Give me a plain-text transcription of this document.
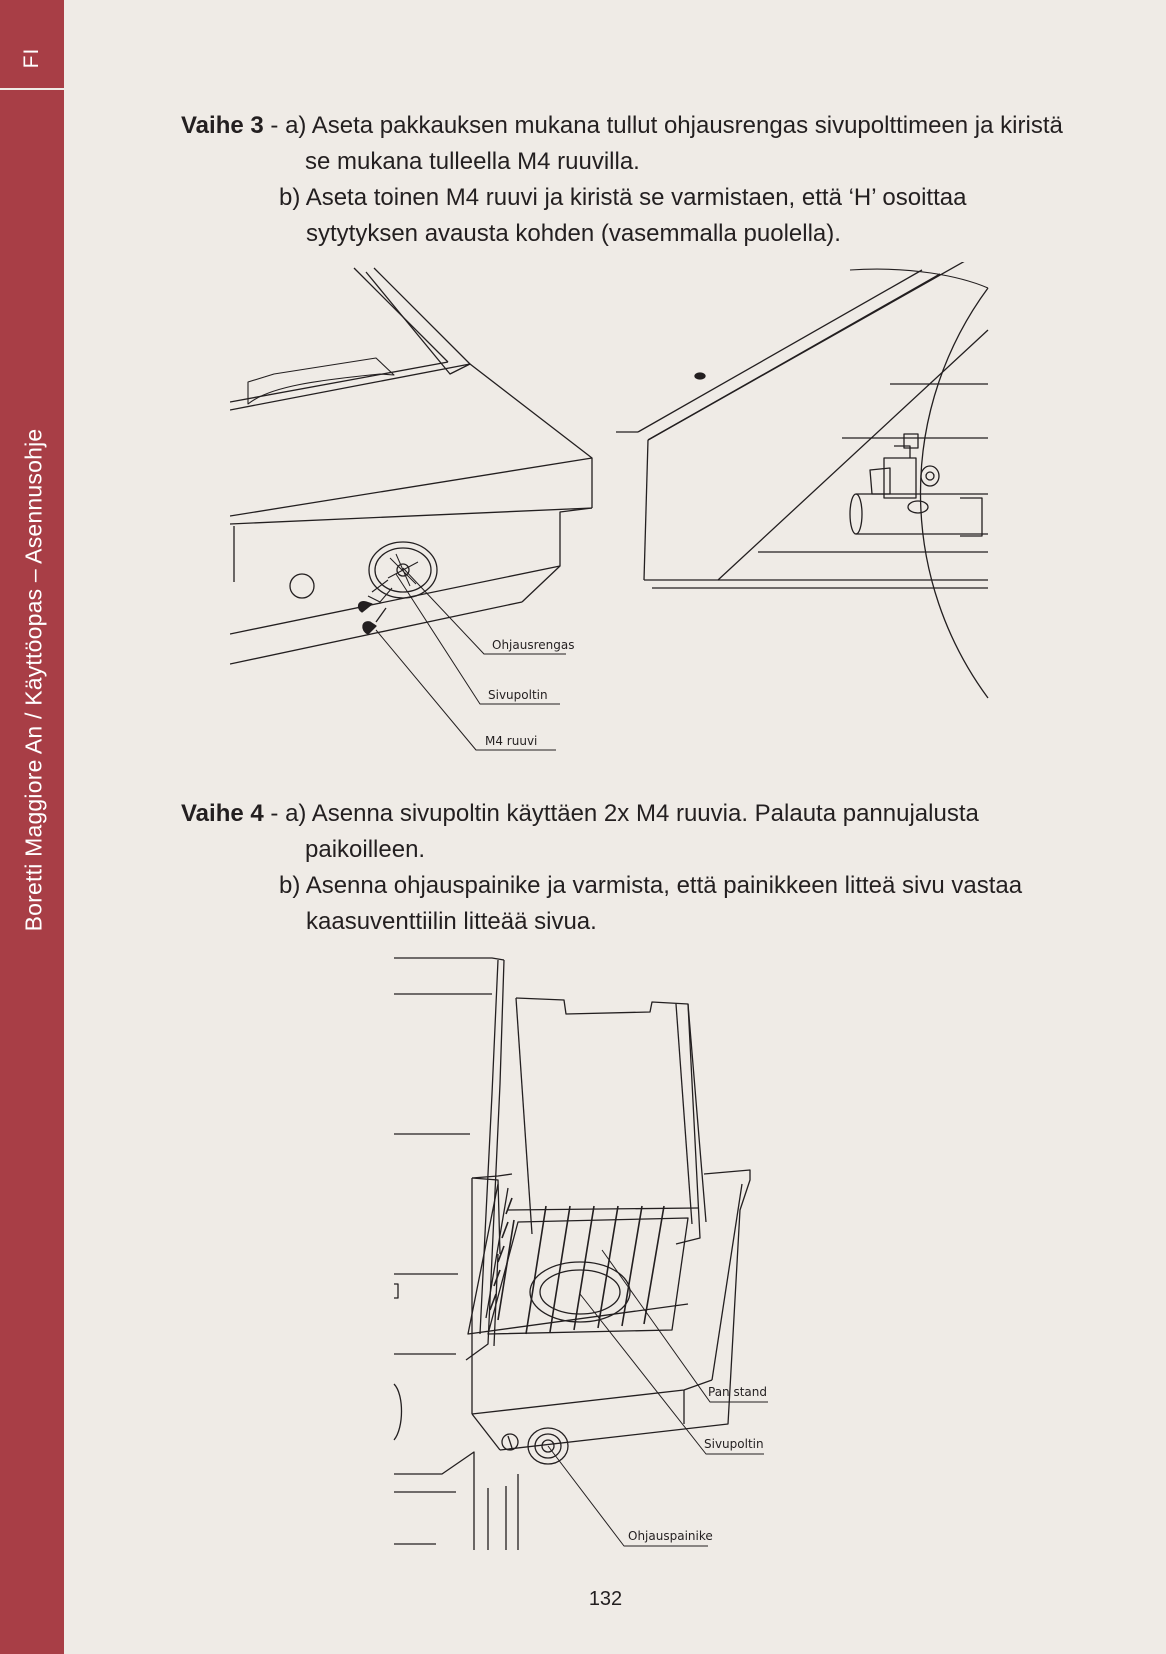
FI
Boretti Maggiore An / Käyttöopas – Asennusohje
Vaihe 3 - a) Aseta pakkauksen mukana tullut ohjausrengas sivupolttimeen ja kiristä
se mukana tulleella M4 ruuvilla.
b) Aseta toinen M4 ruuvi ja kiristä se varmistaen, että ‘H’ osoittaa
sytytyksen avausta kohden (vasemmalla puolella).
Ohjausrengas
Sivupoltin
M4 ruuvi
Vaihe 4 - a) Asenna sivupoltin käyttäen 2x M4 ruuvia. Palauta pannujalusta
paikoilleen.
b) Asenna ohjauspainike ja varmista, että painikkeen litteä sivu vastaa
kaasuventtiilin litteää sivua.
Pan stand
Sivupoltin
Ohjauspainike
132
